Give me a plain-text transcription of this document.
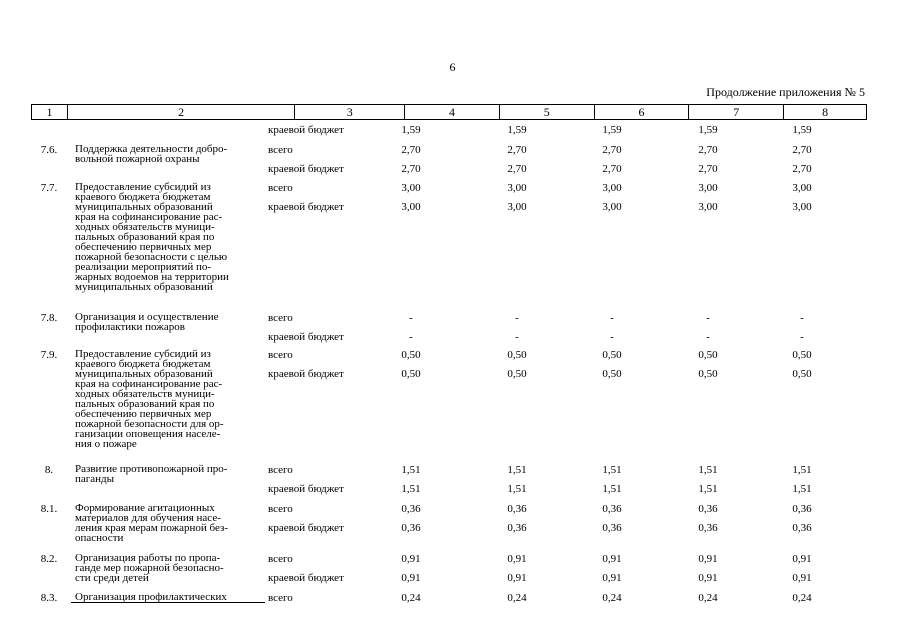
6
Продолжение приложения № 5
1	2	3	4	5	6	7	8
краевой бюджет	1,59	1,59	1,59	1,59	1,59
7.6.	Поддержка деятельности добро-
вольной пожарной охраны
всего	2,70	2,70	2,70	2,70	2,70
краевой бюджет	2,70	2,70	2,70	2,70	2,70
7.7.	Предоставление субсидий из
краевого бюджета бюджетам
муниципальных образований
края на софинансирование рас-
ходных обязательств муници-
пальных образований края по
обеспечению первичных мер
пожарной безопасности с целью
реализации мероприятий по-
жарных водоемов на территории
муниципальных образований
всего	3,00	3,00	3,00	3,00	3,00
краевой бюджет	3,00	3,00	3,00	3,00	3,00
7.8.	Организация и осуществление
профилактики пожаров
всего	-	-	-	-	-
краевой бюджет	-	-	-	-	-
7.9.	Предоставление субсидий из
краевого бюджета бюджетам
муниципальных образований
края на софинансирование рас-
ходных обязательств муници-
пальных образований края по
обеспечению первичных мер
пожарной безопасности для ор-
ганизации оповещения населе-
ния о пожаре
всего	0,50	0,50	0,50	0,50	0,50
краевой бюджет	0,50	0,50	0,50	0,50	0,50
8.	Развитие противопожарной про-
паганды
всего	1,51	1,51	1,51	1,51	1,51
краевой бюджет	1,51	1,51	1,51	1,51	1,51
8.1.	Формирование агитационных
материалов для обучения насе-
ления края мерам пожарной без-
опасности
всего	0,36	0,36	0,36	0,36	0,36
краевой бюджет	0,36	0,36	0,36	0,36	0,36
8.2.	Организация работы по пропа-
ганде мер пожарной безопасно-
сти среди детей
всего	0,91	0,91	0,91	0,91	0,91
краевой бюджет	0,91	0,91	0,91	0,91	0,91
8.3.	Организация профилактических	всего	0,24	0,24	0,24	0,24	0,24
